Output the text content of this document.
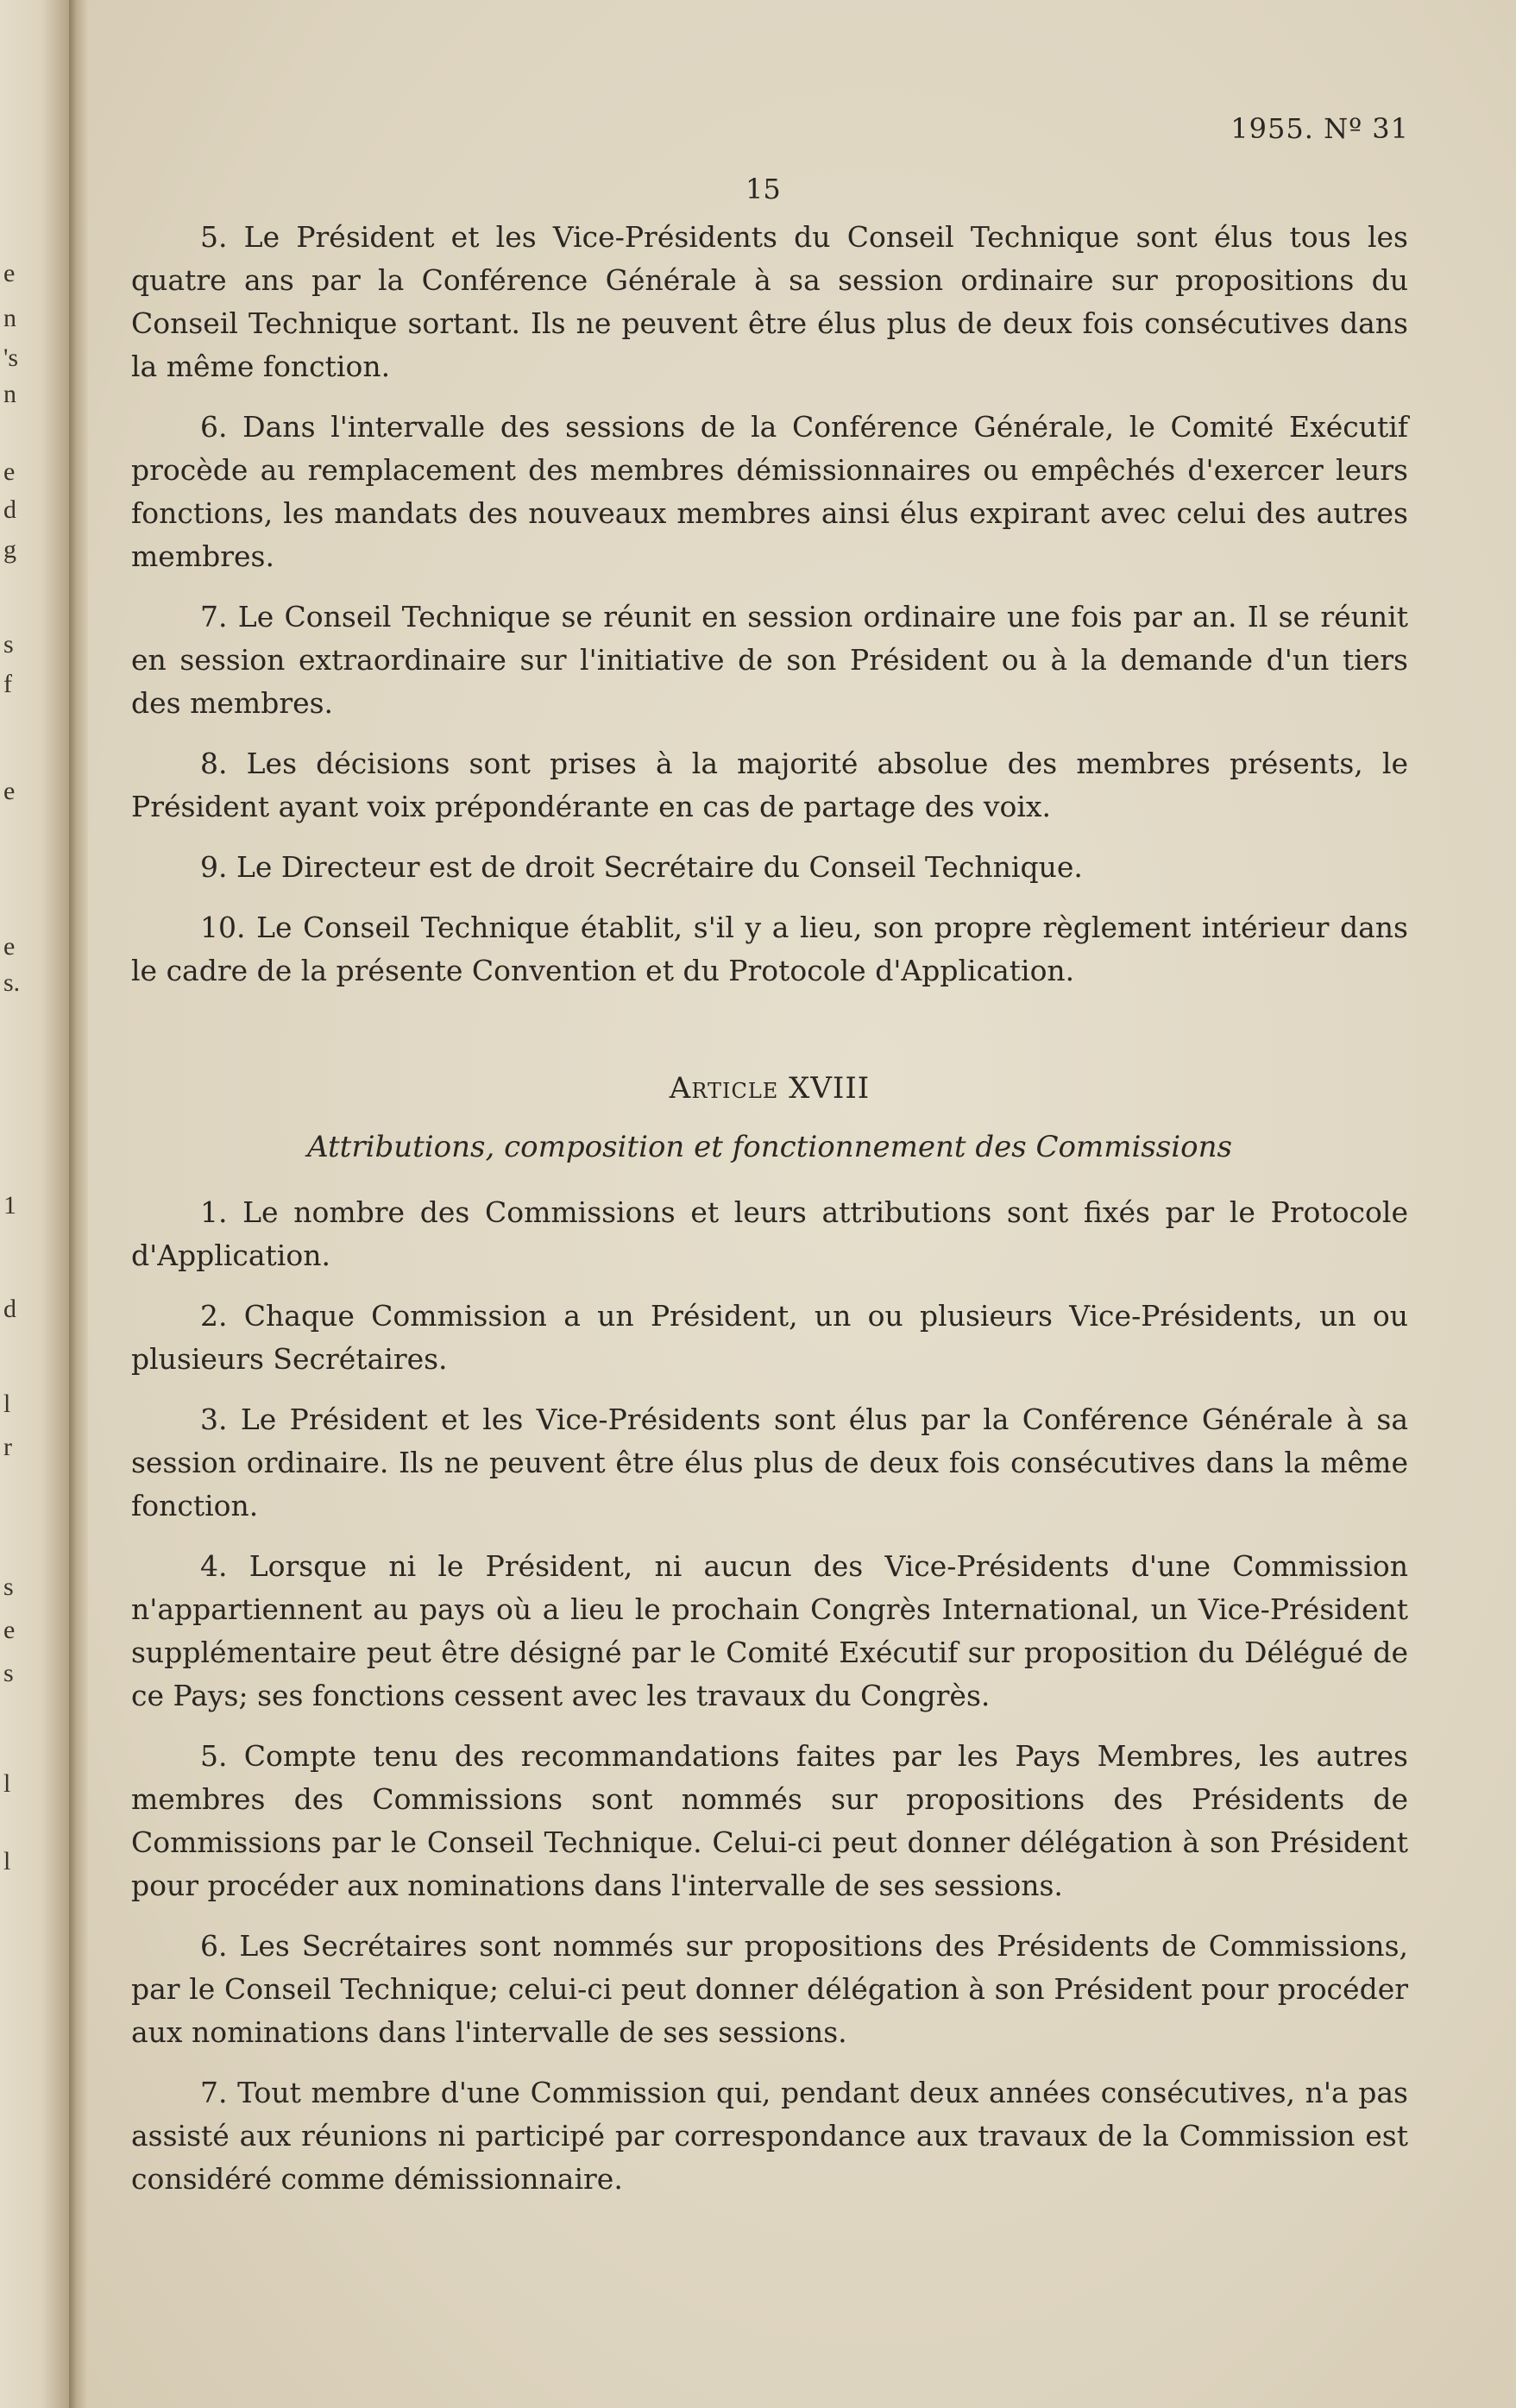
e
n
's
n
e
d
g
s
f
e
e
s.
1
d
l
r
s
e
s
l
l
⠀
1955. Nº 31
15

5. Le Président et les Vice-Présidents du Conseil Technique sont élus tous les quatre ans par la Conférence Générale à sa session ordinaire sur propositions du Conseil Technique sortant. Ils ne peuvent être élus plus de deux fois consécutives dans la même fonction.

6. Dans l'intervalle des sessions de la Conférence Générale, le Comité Exécutif procède au remplacement des membres démissionnaires ou empêchés d'exercer leurs fonctions, les mandats des nouveaux membres ainsi élus expirant avec celui des autres membres.

7. Le Conseil Technique se réunit en session ordinaire une fois par an. Il se réunit en session extraordinaire sur l'initiative de son Président ou à la demande d'un tiers des membres.

8. Les décisions sont prises à la majorité absolue des membres présents, le Président ayant voix prépondérante en cas de partage des voix.

9. Le Directeur est de droit Secrétaire du Conseil Technique.

10. Le Conseil Technique établit, s'il y a lieu, son propre règlement intérieur dans le cadre de la présente Convention et du Protocole d'Application.

Article XVIII
Attributions, composition et fonctionnement des Commissions

1. Le nombre des Commissions et leurs attributions sont fixés par le Protocole d'Application.

2. Chaque Commission a un Président, un ou plusieurs Vice-Présidents, un ou plusieurs Secrétaires.

3. Le Président et les Vice-Présidents sont élus par la Conférence Générale à sa session ordinaire. Ils ne peuvent être élus plus de deux fois consécutives dans la même fonction.

4. Lorsque ni le Président, ni aucun des Vice-Présidents d'une Commission n'appartiennent au pays où a lieu le prochain Congrès International, un Vice-Président supplémentaire peut être désigné par le Comité Exécutif sur proposition du Délégué de ce Pays; ses fonctions cessent avec les travaux du Congrès.

5. Compte tenu des recommandations faites par les Pays Membres, les autres membres des Commissions sont nommés sur propositions des Présidents de Commissions par le Conseil Technique. Celui-ci peut donner délégation à son Président pour procéder aux nominations dans l'intervalle de ses sessions.

6. Les Secrétaires sont nommés sur propositions des Présidents de Commissions, par le Conseil Technique; celui-ci peut donner délégation à son Président pour procéder aux nominations dans l'intervalle de ses sessions.

7. Tout membre d'une Commission qui, pendant deux années consécutives, n'a pas assisté aux réunions ni participé par correspondance aux travaux de la Commission est considéré comme démissionnaire.
